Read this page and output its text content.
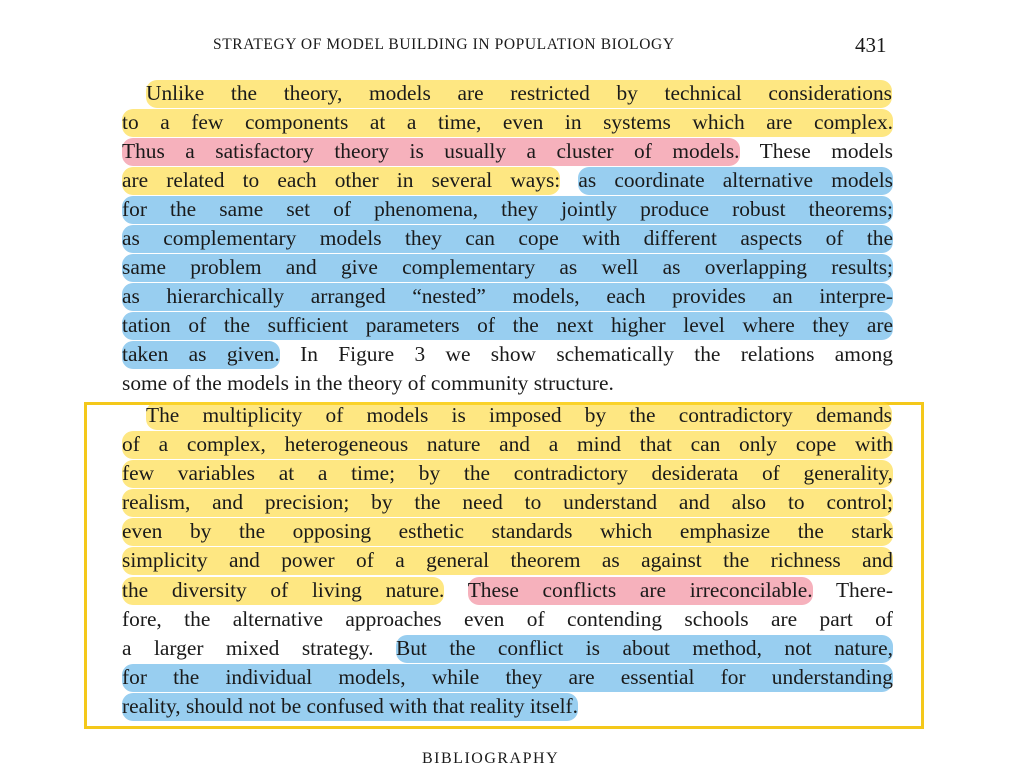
STRATEGY OF MODEL BUILDING IN POPULATION BIOLOGY	431
Unlike the theory, models are restricted by technical considerations
to a few components at a time, even in systems which are complex.
Thus a satisfactory theory is usually a cluster of models. These models
are related to each other in several ways: as coordinate alternative models
for the same set of phenomena, they jointly produce robust theorems;
as complementary models they can cope with different aspects of the
same problem and give complementary as well as overlapping results;
as hierarchically arranged “nested” models, each provides an interpre-
tation of the sufficient parameters of the next higher level where they are
taken as given. In Figure 3 we show schematically the relations among
some of the models in the theory of community structure.
The multiplicity of models is imposed by the contradictory demands
of a complex, heterogeneous nature and a mind that can only cope with
few variables at a time; by the contradictory desiderata of generality,
realism, and precision; by the need to understand and also to control;
even by the opposing esthetic standards which emphasize the stark
simplicity and power of a general theorem as against the richness and
the diversity of living nature. These conflicts are irreconcilable. There-
fore, the alternative approaches even of contending schools are part of
a larger mixed strategy. But the conflict is about method, not nature,
for the individual models, while they are essential for understanding
reality, should not be confused with that reality itself.
BIBLIOGRAPHY
